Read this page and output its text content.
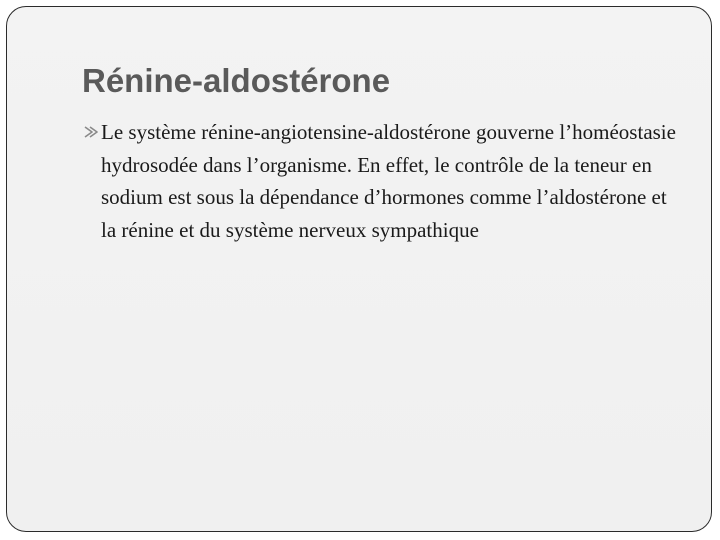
Rénine-aldostérone

Le système rénine-angiotensine-aldostérone gouverne l’homéostasie hydrosodée dans l’organisme. En effet, le contrôle de la teneur en sodium est sous la dépendance d’hormones comme l’aldostérone et la rénine et du système nerveux sympathique
